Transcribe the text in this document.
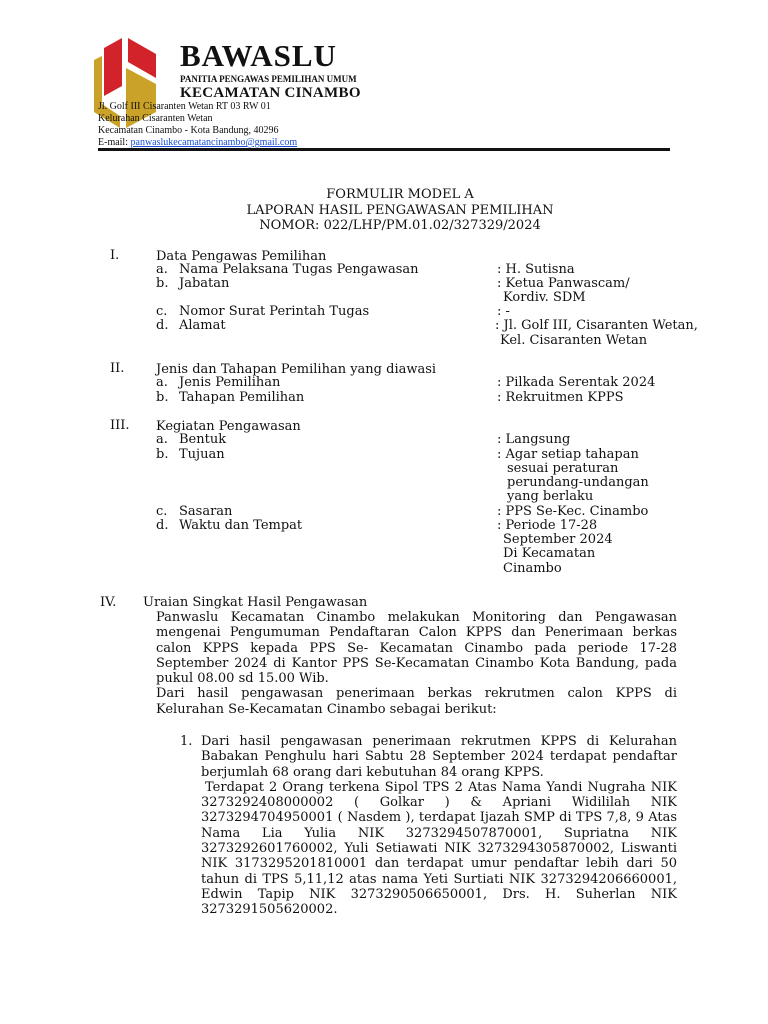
BAWASLU
PANITIA PENGAWAS PEMILIHAN UMUM
KECAMATAN CINAMBO
Jl. Golf III Cisaranten Wetan RT 03 RW 01
Kelurahan Cisaranten Wetan
Kecamatan Cinambo - Kota Bandung, 40296
E-mail: panwaslukecamatancinambo@gmail.com
FORMULIR MODEL A
LAPORAN HASIL PENGAWASAN PEMILIHAN
NOMOR: 022/LHP/PM.01.02/327329/2024
I.	Data Pengawas Pemilihan
a. Nama Pelaksana Tugas Pengawasan	: H. Sutisna
b. Jabatan	: Ketua Panwascam/
Kordiv. SDM
c. Nomor Surat Perintah Tugas	: -
d. Alamat	: Jl. Golf III, Cisaranten Wetan,
Kel. Cisaranten Wetan
II. Jenis dan Tahapan Pemilihan yang diawasi
a. Jenis Pemilihan	: Pilkada Serentak 2024
b. Tahapan Pemilihan	: Rekruitmen KPPS
III. Kegiatan Pengawasan
a. Bentuk	: Langsung
b. Tujuan	: Agar setiap tahapan
sesuai peraturan
perundang-undangan
yang berlaku
c. Sasaran	: PPS Se-Kec. Cinambo
d. Waktu dan Tempat	: Periode 17-28
September 2024
Di Kecamatan
Cinambo
IV. Uraian Singkat Hasil Pengawasan

Panwaslu Kecamatan Cinambo melakukan Monitoring dan Pengawasan mengenai Pengumuman Pendaftaran Calon KPPS dan Penerimaan berkas calon KPPS kepada PPS Se- Kecamatan Cinambo pada periode 17-28 September 2024 di Kantor PPS Se-Kecamatan Cinambo Kota Bandung, pada pukul 08.00 sd 15.00 Wib.

Dari hasil pengawasan penerimaan berkas rekrutmen calon KPPS di Kelurahan Se-Kecamatan Cinambo sebagai berikut:

1. Dari hasil pengawasan penerimaan rekrutmen KPPS di Kelurahan Babakan Penghulu hari Sabtu 28 September 2024 terdapat pendaftar berjumlah 68 orang dari kebutuhan 84 orang KPPS.

Terdapat 2 Orang terkena Sipol TPS 2 Atas Nama Yandi Nugraha NIK 3273292408000002 ( Golkar ) & Apriani Widililah NIK 3273294704950001 ( Nasdem ), terdapat Ijazah SMP di TPS 7,8, 9 Atas Nama Lia Yulia NIK 3273294507870001, Supriatna NIK 3273292601760002, Yuli Setiawati NIK 3273294305870002, Liswanti NIK 3173295201810001 dan terdapat umur pendaftar lebih dari 50 tahun di TPS 5,11,12 atas nama Yeti Surtiati NIK 3273294206660001, Edwin Tapip NIK 3273290506650001, Drs. H. Suherlan NIK 3273291505620002.
